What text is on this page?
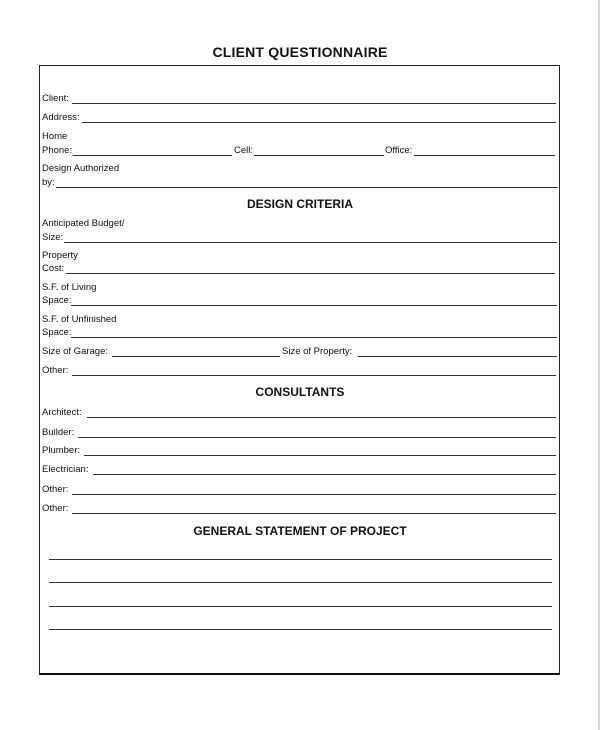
CLIENT QUESTIONNAIRE
Client:
Address:
Home
Phone:	Cell:	Office:
Design Authorized
by:
DESIGN CRITERIA
Anticipated Budget/
Size:
Property
Cost:
S.F. of Living
Space:
S.F. of Unfinished
Space:
Size of Garage:	Size of Property:
Other:
CONSULTANTS
Architect:
Builder:
Plumber:
Electrician:
Other:
Other:
GENERAL STATEMENT OF PROJECT
